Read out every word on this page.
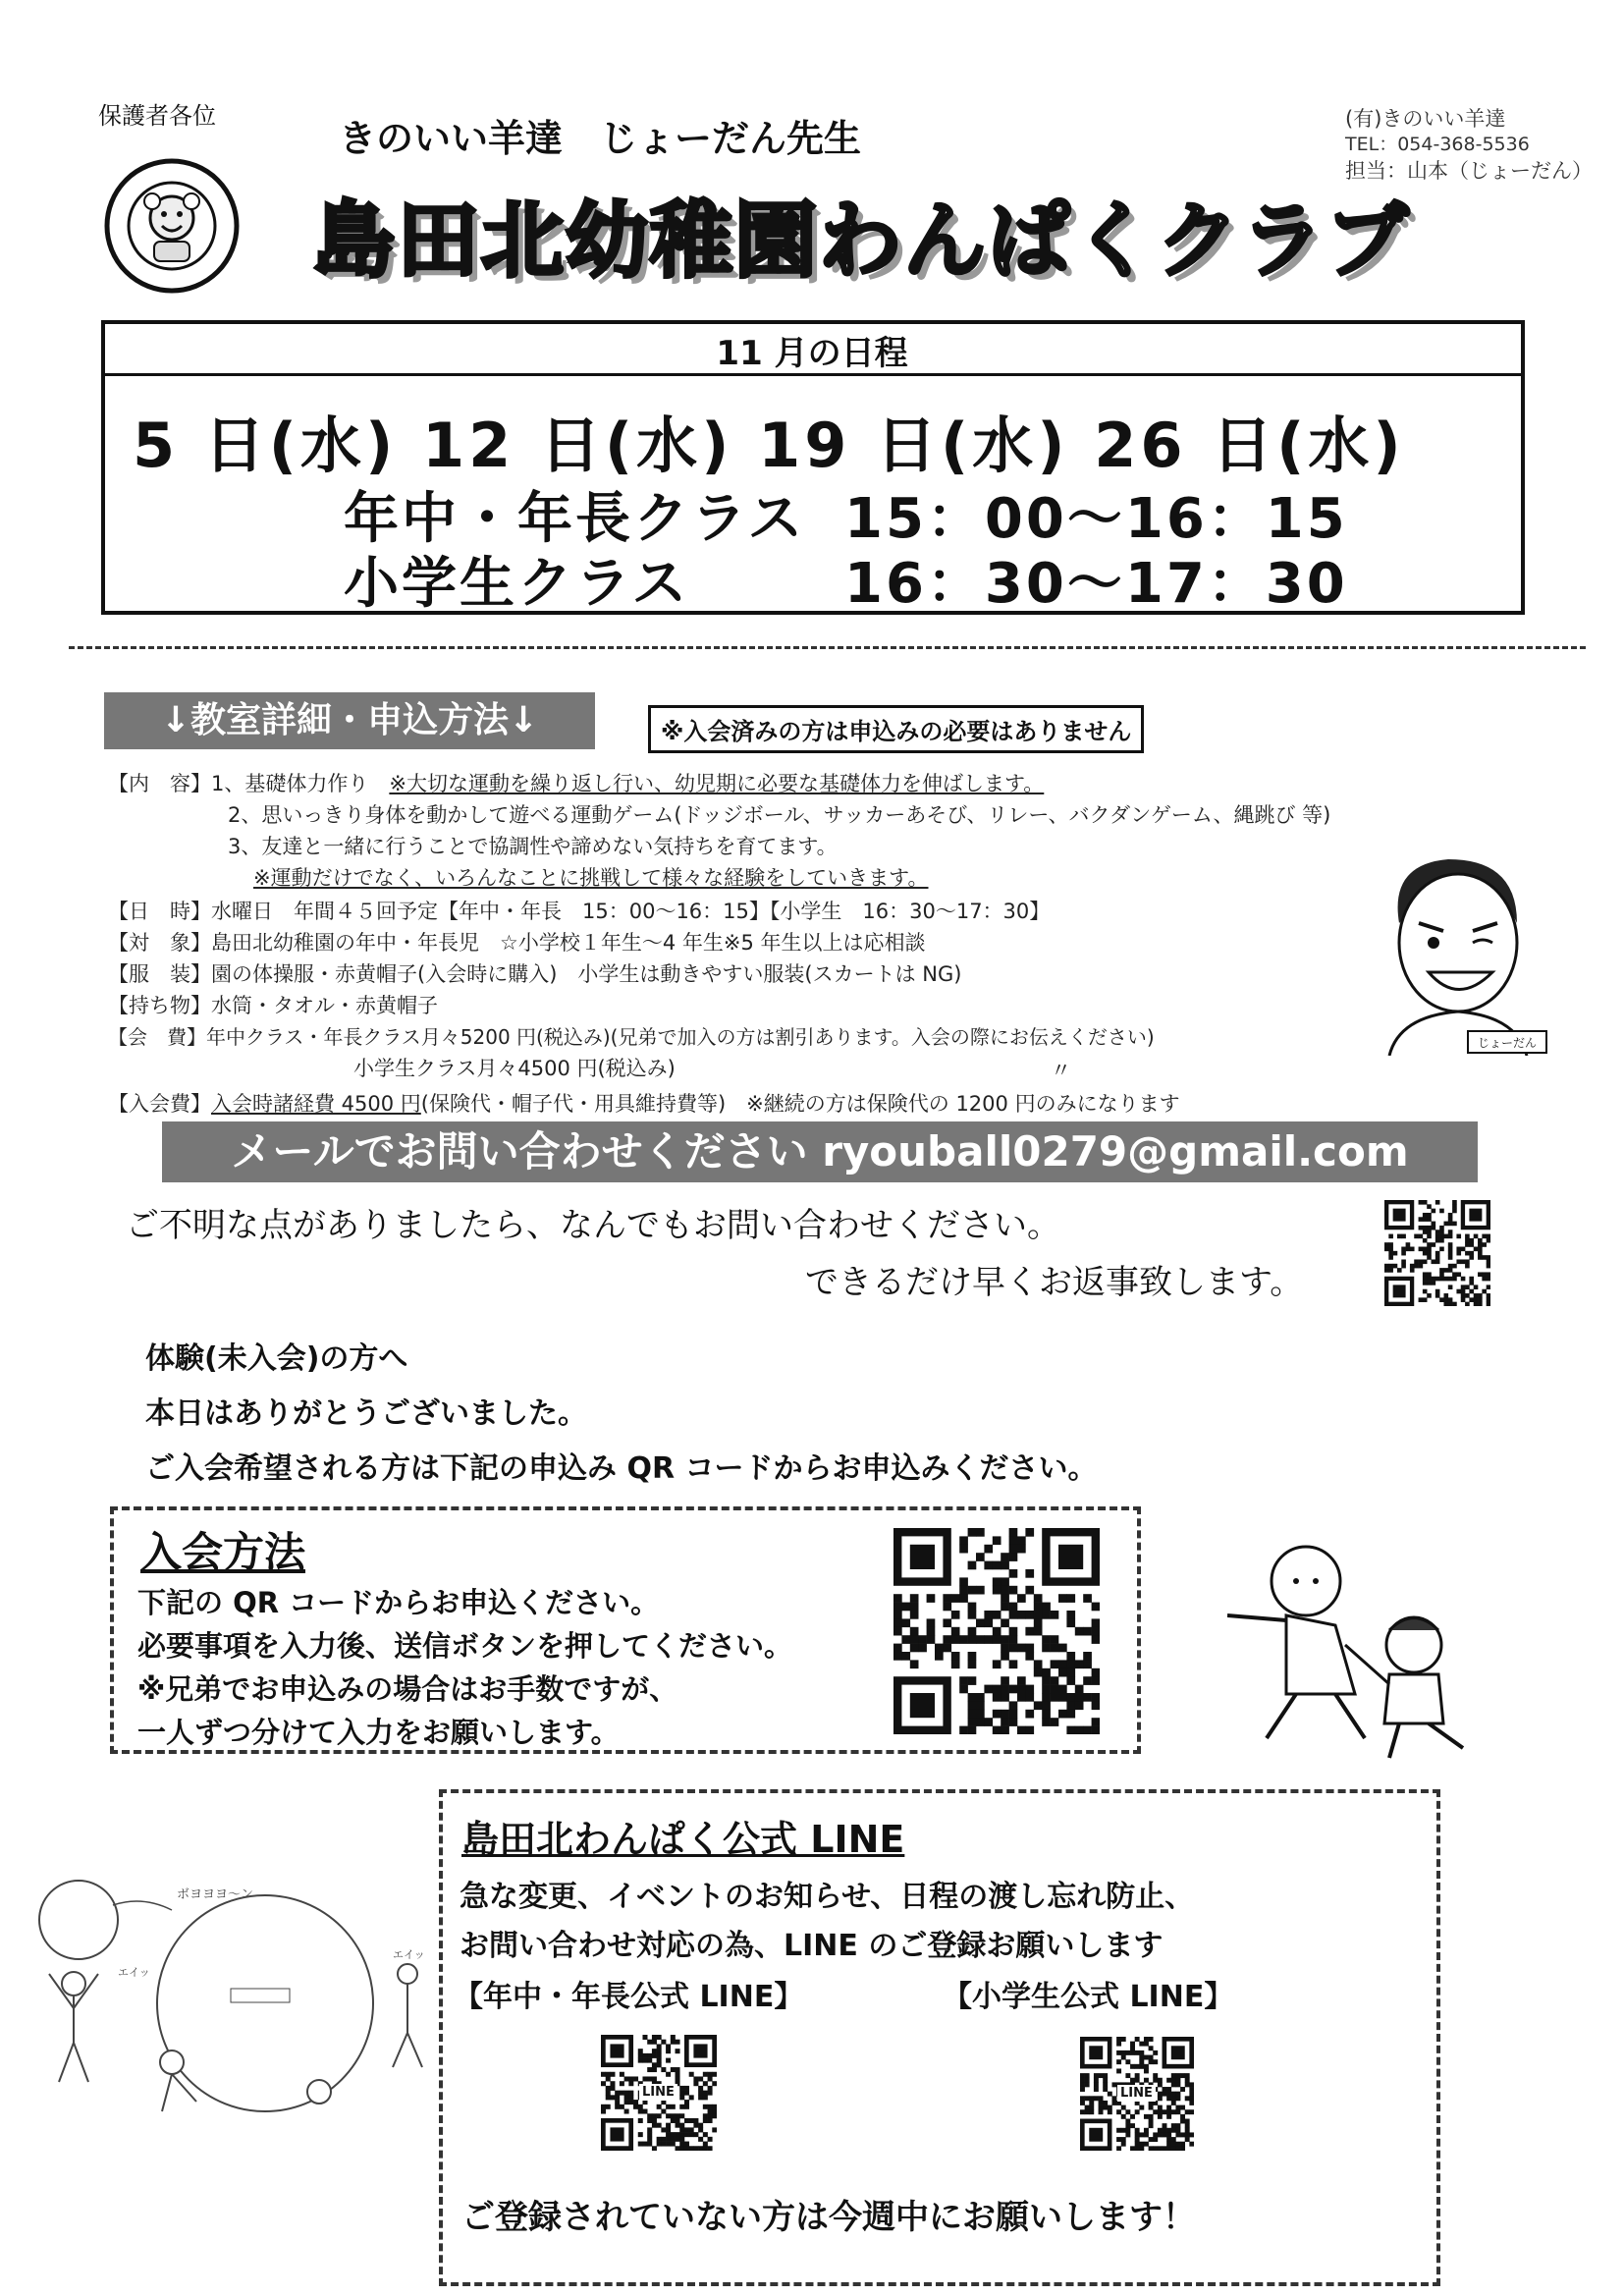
保護者各位
きのいい羊達　じょーだん先生
島田北幼稚園わんぱくクラブ
(有)きのいい羊達
TEL：054-368-5536
担当：山本（じょーだん）
11 月の日程
5 日(水) 12 日(水) 19 日(水) 26 日(水)
年中・年長クラス 15：00～16：15
小学生クラス	16：30～17：30
↓教室詳細・申込方法↓	※入会済みの方は申込みの必要はありません
【内　容】1、基礎体力作り　※大切な運動を繰り返し行い、幼児期に必要な基礎体力を伸ばします。
2、思いっきり身体を動かして遊べる運動ゲーム(ドッジボール、サッカーあそび、リレー、バクダンゲーム、縄跳び 等)
3、友達と一緒に行うことで協調性や諦めない気持ちを育てます。
※運動だけでなく、いろんなことに挑戦して様々な経験をしていきます。
【日　時】水曜日　年間４５回予定【年中・年長　15：00～16：15】【小学生　16：30～17：30】
【対　象】島田北幼稚園の年中・年長児　☆小学校１年生～4 年生※5 年生以上は応相談
【服　装】園の体操服・赤黄帽子(入会時に購入)　小学生は動きやすい服装(スカートは NG)
【持ち物】水筒・タオル・赤黄帽子
【会　費】年中クラス・年長クラス月々5200 円(税込み)(兄弟で加入の方は割引あります。入会の際にお伝えください)
小学生クラス月々4500 円(税込み)	〃
【入会費】入会時諸経費 4500 円(保険代・帽子代・用具維持費等)　※継続の方は保険代の 1200 円のみになります
じょーだん
メールでお問い合わせください ryouball0279@gmail.com
ご不明な点がありましたら、なんでもお問い合わせください。
できるだけ早くお返事致します。
体験(未入会)の方へ
本日はありがとうございました。
ご入会希望される方は下記の申込み QR コードからお申込みください。
入会方法
下記の QR コードからお申込ください。
必要事項を入力後、送信ボタンを押してください。
※兄弟でお申込みの場合はお手数ですが、
一人ずつ分けて入力をお願いします。
島田北わんぱく公式 LINE
急な変更、イベントのお知らせ、日程の渡し忘れ防止、
お問い合わせ対応の為、LINE のご登録お願いします
【年中・年長公式 LINE】	【小学生公式 LINE】
LINE	LINE
ご登録されていない方は今週中にお願いします！
ボヨヨヨ～ン
エイッ
エイッ
